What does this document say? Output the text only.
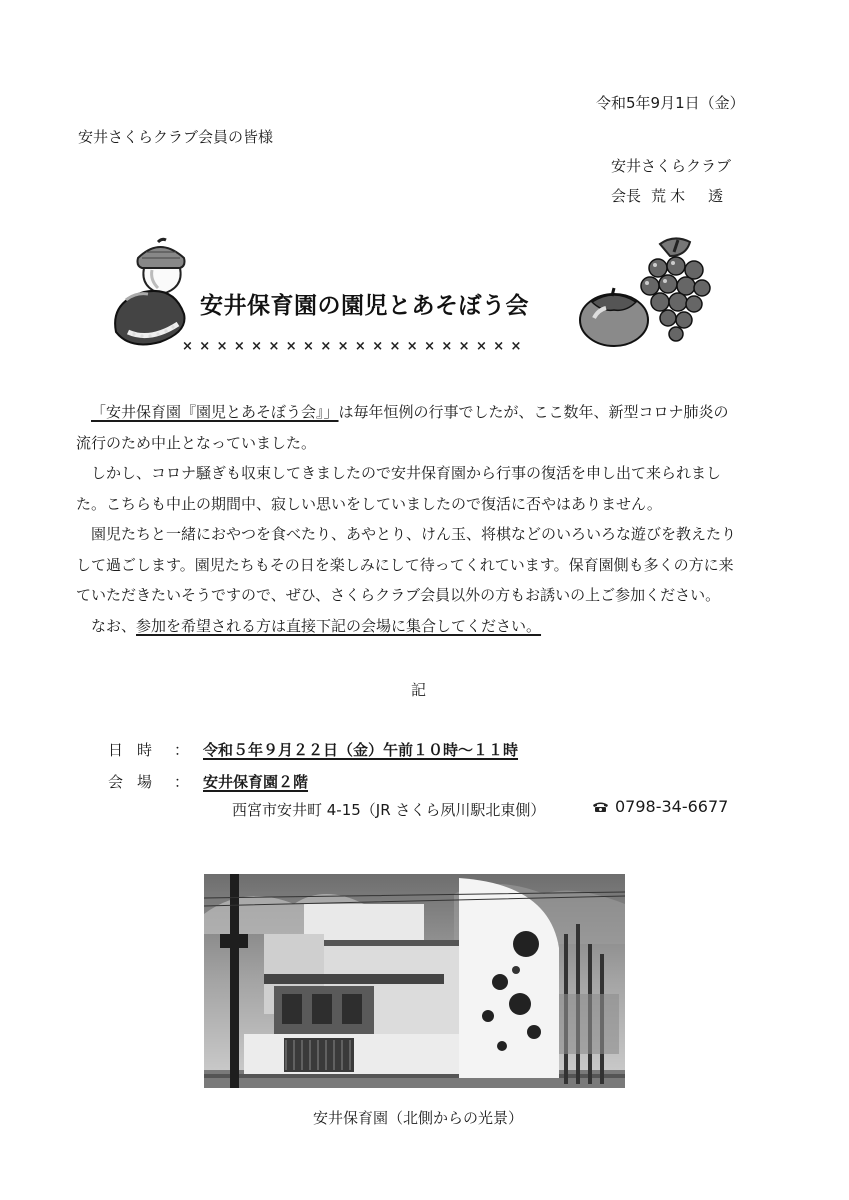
令和5年9月1日（金）
安井さくらクラブ会員の皆様
安井さくらクラブ
会長 荒木　透
安井保育園の園児とあそぼう会
××××××××××××××××××××

「安井保育園『園児とあそぼう会』」は毎年恒例の行事でしたが、ここ数年、新型コロナ肺炎の

流行のため中止となっていました。

しかし、コロナ騒ぎも収束してきましたので安井保育園から行事の復活を申し出て来られまし

た。こちらも中止の期間中、寂しい思いをしていましたので復活に否やはありません。

園児たちと一緒におやつを食べたり、あやとり、けん玉、将棋などのいろいろな遊びを教えたり

して過ごします。園児たちもその日を楽しみにして待ってくれています。保育園側も多くの方に来

ていただきたいそうですので、ぜひ、さくらクラブ会員以外の方もお誘いの上ご参加ください。

なお、参加を希望される方は直接下記の会場に集合してください。

記
日時 ： 令和５年９月２２日（金）午前１０時～１１時
会場 ： 安井保育園２階
西宮市安井町 4-15（JR さくら夙川駅北東側）	0798-34-6677
安井保育園（北側からの光景）
